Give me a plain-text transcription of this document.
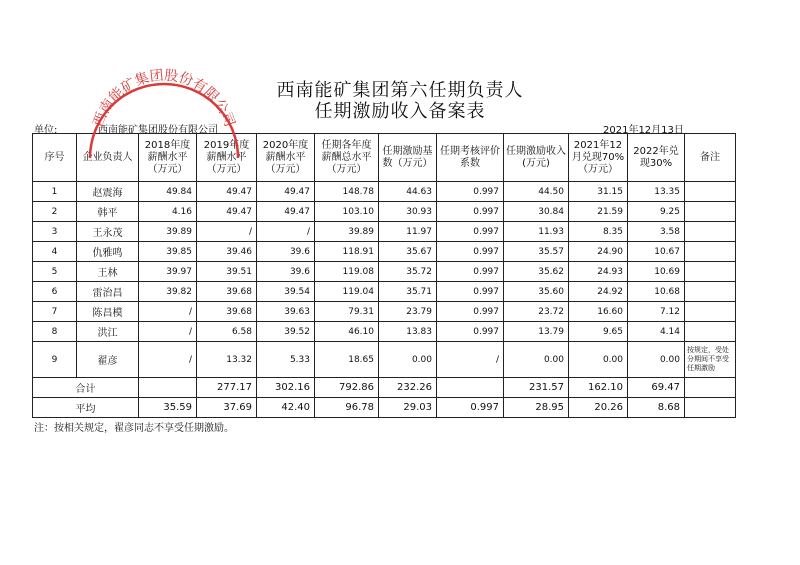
西南能矿集团第六任期负责人
任期激励收入备案表
单位:	西南能矿集团股份有限公司	2021年12月13日
序号	企业负责人	2018年度薪酬水平（万元）	2019年度薪酬水平（万元）	2020年度薪酬水平（万元）	任期各年度薪酬总水平（万元）	任期激励基数（万元）	任期考核评价系数	任期激励收入(万元)	2021年12月兑现70%（万元）	2022年兑现30%	备注
1	赵震海	49.84	49.47	49.47	148.78	44.63	0.997	44.50	31.15	13.35	
2	韩平	4.16	49.47	49.47	103.10	30.93	0.997	30.84	21.59	9.25	
3	王永茂	39.89	/	/	39.89	11.97	0.997	11.93	8.35	3.58	
4	仇雅鸣	39.85	39.46	39.6	118.91	35.67	0.997	35.57	24.90	10.67	
5	王林	39.97	39.51	39.6	119.08	35.72	0.997	35.62	24.93	10.69	
6	雷治昌	39.82	39.68	39.54	119.04	35.71	0.997	35.60	24.92	10.68	
7	陈昌模	/	39.68	39.63	79.31	23.79	0.997	23.72	16.60	7.12	
8	洪江	/	6.58	39.52	46.10	13.83	0.997	13.79	9.65	4.14	
9	翟彦	/	13.32	5.33	18.65	0.00	/	0.00	0.00	0.00	按规定，受处分期间不享受任期激励
合计			277.17	302.16	792.86	232.26		231.57	162.10	69.47	
平均		35.59	37.69	42.40	96.78	29.03	0.997	28.95	20.26	8.68	
注：按相关规定，翟彦同志不享受任期激励。
西南能矿集团股份有限公司
